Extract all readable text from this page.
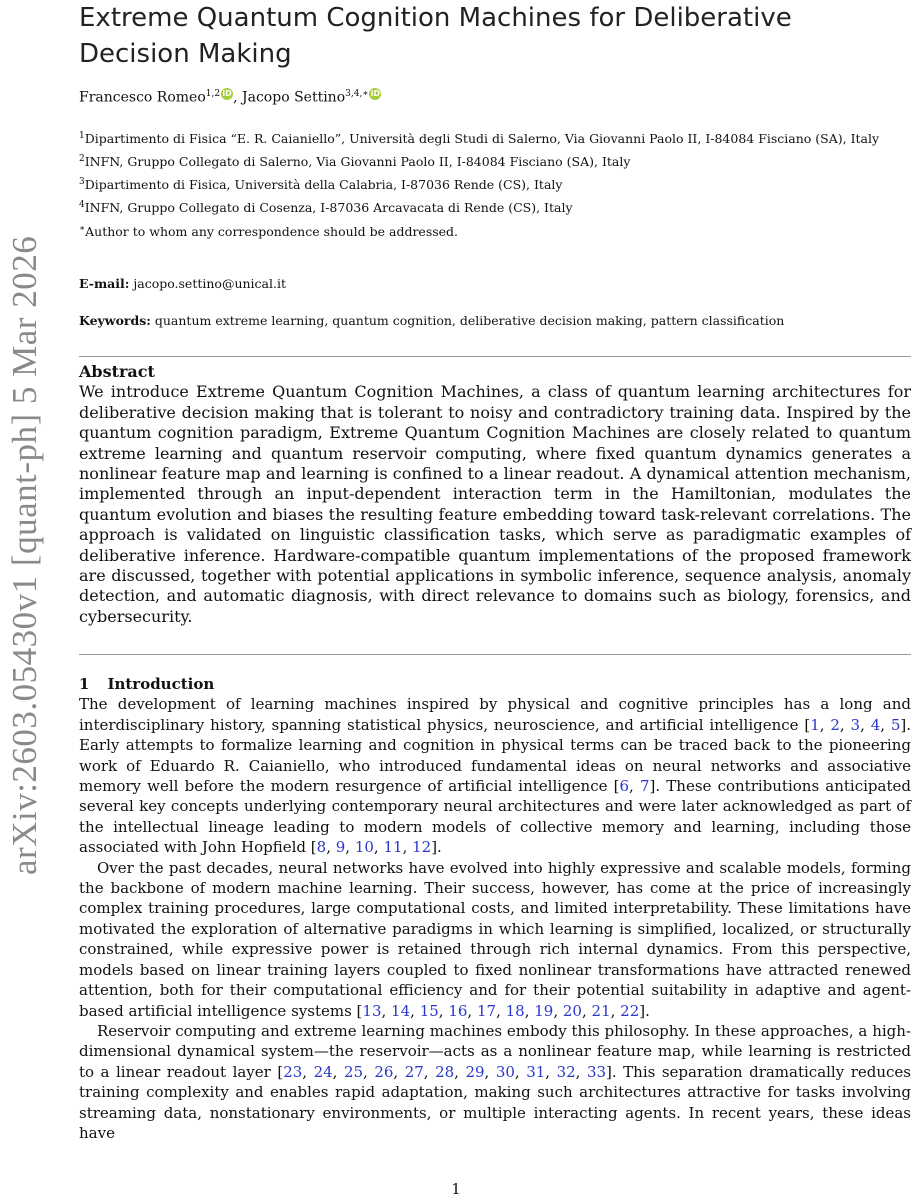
arXiv:2603.05430v1 [quant-ph] 5 Mar 2026
Extreme Quantum Cognition Machines for Deliberative Decision Making
Francesco Romeo$^{1,2}$ iD, Jacopo Settino$^{3,4,∗}$ iD

$^1$Dipartimento di Fisica “E. R. Caianiello”, Università degli Studi di Salerno, Via Giovanni Paolo II, I-84084 Fisciano (SA), Italy

$^2$INFN, Gruppo Collegato di Salerno, Via Giovanni Paolo II, I-84084 Fisciano (SA), Italy

$^3$Dipartimento di Fisica, Università della Calabria, I-87036 Rende (CS), Italy

$^4$INFN, Gruppo Collegato di Cosenza, I-87036 Arcavacata di Rende (CS), Italy

∗Author to whom any correspondence should be addressed.

E-mail: jacopo.settino@unical.it
Keywords: quantum extreme learning, quantum cognition, deliberative decision making, pattern classification
Abstract

We introduce Extreme Quantum Cognition Machines, a class of quantum learning architectures for deliberative decision making that is tolerant to noisy and contradictory training data. Inspired by the quantum cognition paradigm, Extreme Quantum Cognition Machines are closely related to quantum extreme learning and quantum reservoir computing, where fixed quantum dynamics generates a nonlinear feature map and learning is confined to a linear readout. A dynamical attention mechanism, implemented through an input-dependent interaction term in the Hamiltonian, modulates the quantum evolution and biases the resulting feature embedding toward task-relevant correlations. The approach is validated on linguistic classification tasks, which serve as paradigmatic examples of deliberative inference. Hardware-compatible quantum implementations of the proposed framework are discussed, together with potential applications in symbolic inference, sequence analysis, anomaly detection, and automatic diagnosis, with direct relevance to domains such as biology, forensics, and cybersecurity.

1 Introduction

The development of learning machines inspired by physical and cognitive principles has a long and interdisciplinary history, spanning statistical physics, neuroscience, and artificial intelligence [1, 2, 3, 4, 5]. Early attempts to formalize learning and cognition in physical terms can be traced back to the pioneering work of Eduardo R. Caianiello, who introduced fundamental ideas on neural networks and associative memory well before the modern resurgence of artificial intelligence [6, 7]. These contributions anticipated several key concepts underlying contemporary neural architectures and were later acknowledged as part of the intellectual lineage leading to modern models of collective memory and learning, including those associated with John Hopfield [8, 9, 10, 11, 12].

Over the past decades, neural networks have evolved into highly expressive and scalable models, forming the backbone of modern machine learning. Their success, however, has come at the price of increasingly complex training procedures, large computational costs, and limited interpretability. These limitations have motivated the exploration of alternative paradigms in which learning is simplified, localized, or structurally constrained, while expressive power is retained through rich internal dynamics. From this perspective, models based on linear training layers coupled to fixed nonlinear transformations have attracted renewed attention, both for their computational efficiency and for their potential suitability in adaptive and agent-based artificial intelligence systems [13, 14, 15, 16, 17, 18, 19, 20, 21, 22].

Reservoir computing and extreme learning machines embody this philosophy. In these approaches, a high-dimensional dynamical system—the reservoir—acts as a nonlinear feature map, while learning is restricted to a linear readout layer [23, 24, 25, 26, 27, 28, 29, 30, 31, 32, 33]. This separation dramatically reduces training complexity and enables rapid adaptation, making such architectures attractive for tasks involving streaming data, nonstationary environments, or multiple interacting agents. In recent years, these ideas have

1
